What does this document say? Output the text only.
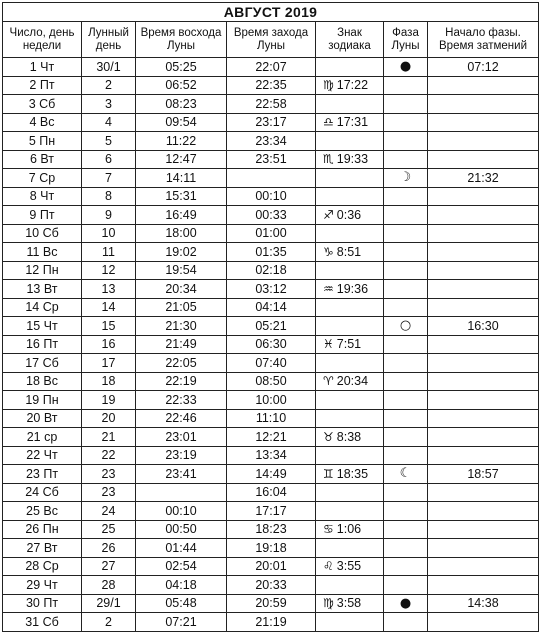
АВГУСТ 2019						
Число, день недели	Лунный день	Время восхода Луны	Время захода Луны	Знак зодиака	Фаза Луны	Начало фазы. Время затмений
1 Чт	30/1	05:25	22:07		●	07:12
2 Пт	2	06:52	22:35	♍ 17:22		
3 Сб	3	08:23	22:58			
4 Вс	4	09:54	23:17	♎ 17:31		
5 Пн	5	11:22	23:34			
6 Вт	6	12:47	23:51	♏ 19:33		
7 Ср	7	14:11			☽	21:32
8 Чт	8	15:31	00:10			
9 Пт	9	16:49	00:33	♐ 0:36		
10 Сб	10	18:00	01:00			
11 Вс	11	19:02	01:35	♑ 8:51		
12 Пн	12	19:54	02:18			
13 Вт	13	20:34	03:12	♒ 19:36		
14 Ср	14	21:05	04:14			
15 Чт	15	21:30	05:21		○	16:30
16 Пт	16	21:49	06:30	♓ 7:51		
17 Сб	17	22:05	07:40			
18 Вс	18	22:19	08:50	♈ 20:34		
19 Пн	19	22:33	10:00			
20 Вт	20	22:46	11:10			
21 ср	21	23:01	12:21	♉ 8:38		
22 Чт	22	23:19	13:34			
23 Пт	23	23:41	14:49	♊ 18:35	☾	18:57
24 Сб	23		16:04			
25 Вс	24	00:10	17:17			
26 Пн	25	00:50	18:23	♋ 1:06		
27 Вт	26	01:44	19:18			
28 Ср	27	02:54	20:01	♌ 3:55		
29 Чт	28	04:18	20:33			
30 Пт	29/1	05:48	20:59	♍ 3:58	●	14:38
31 Сб	2	07:21	21:19			
